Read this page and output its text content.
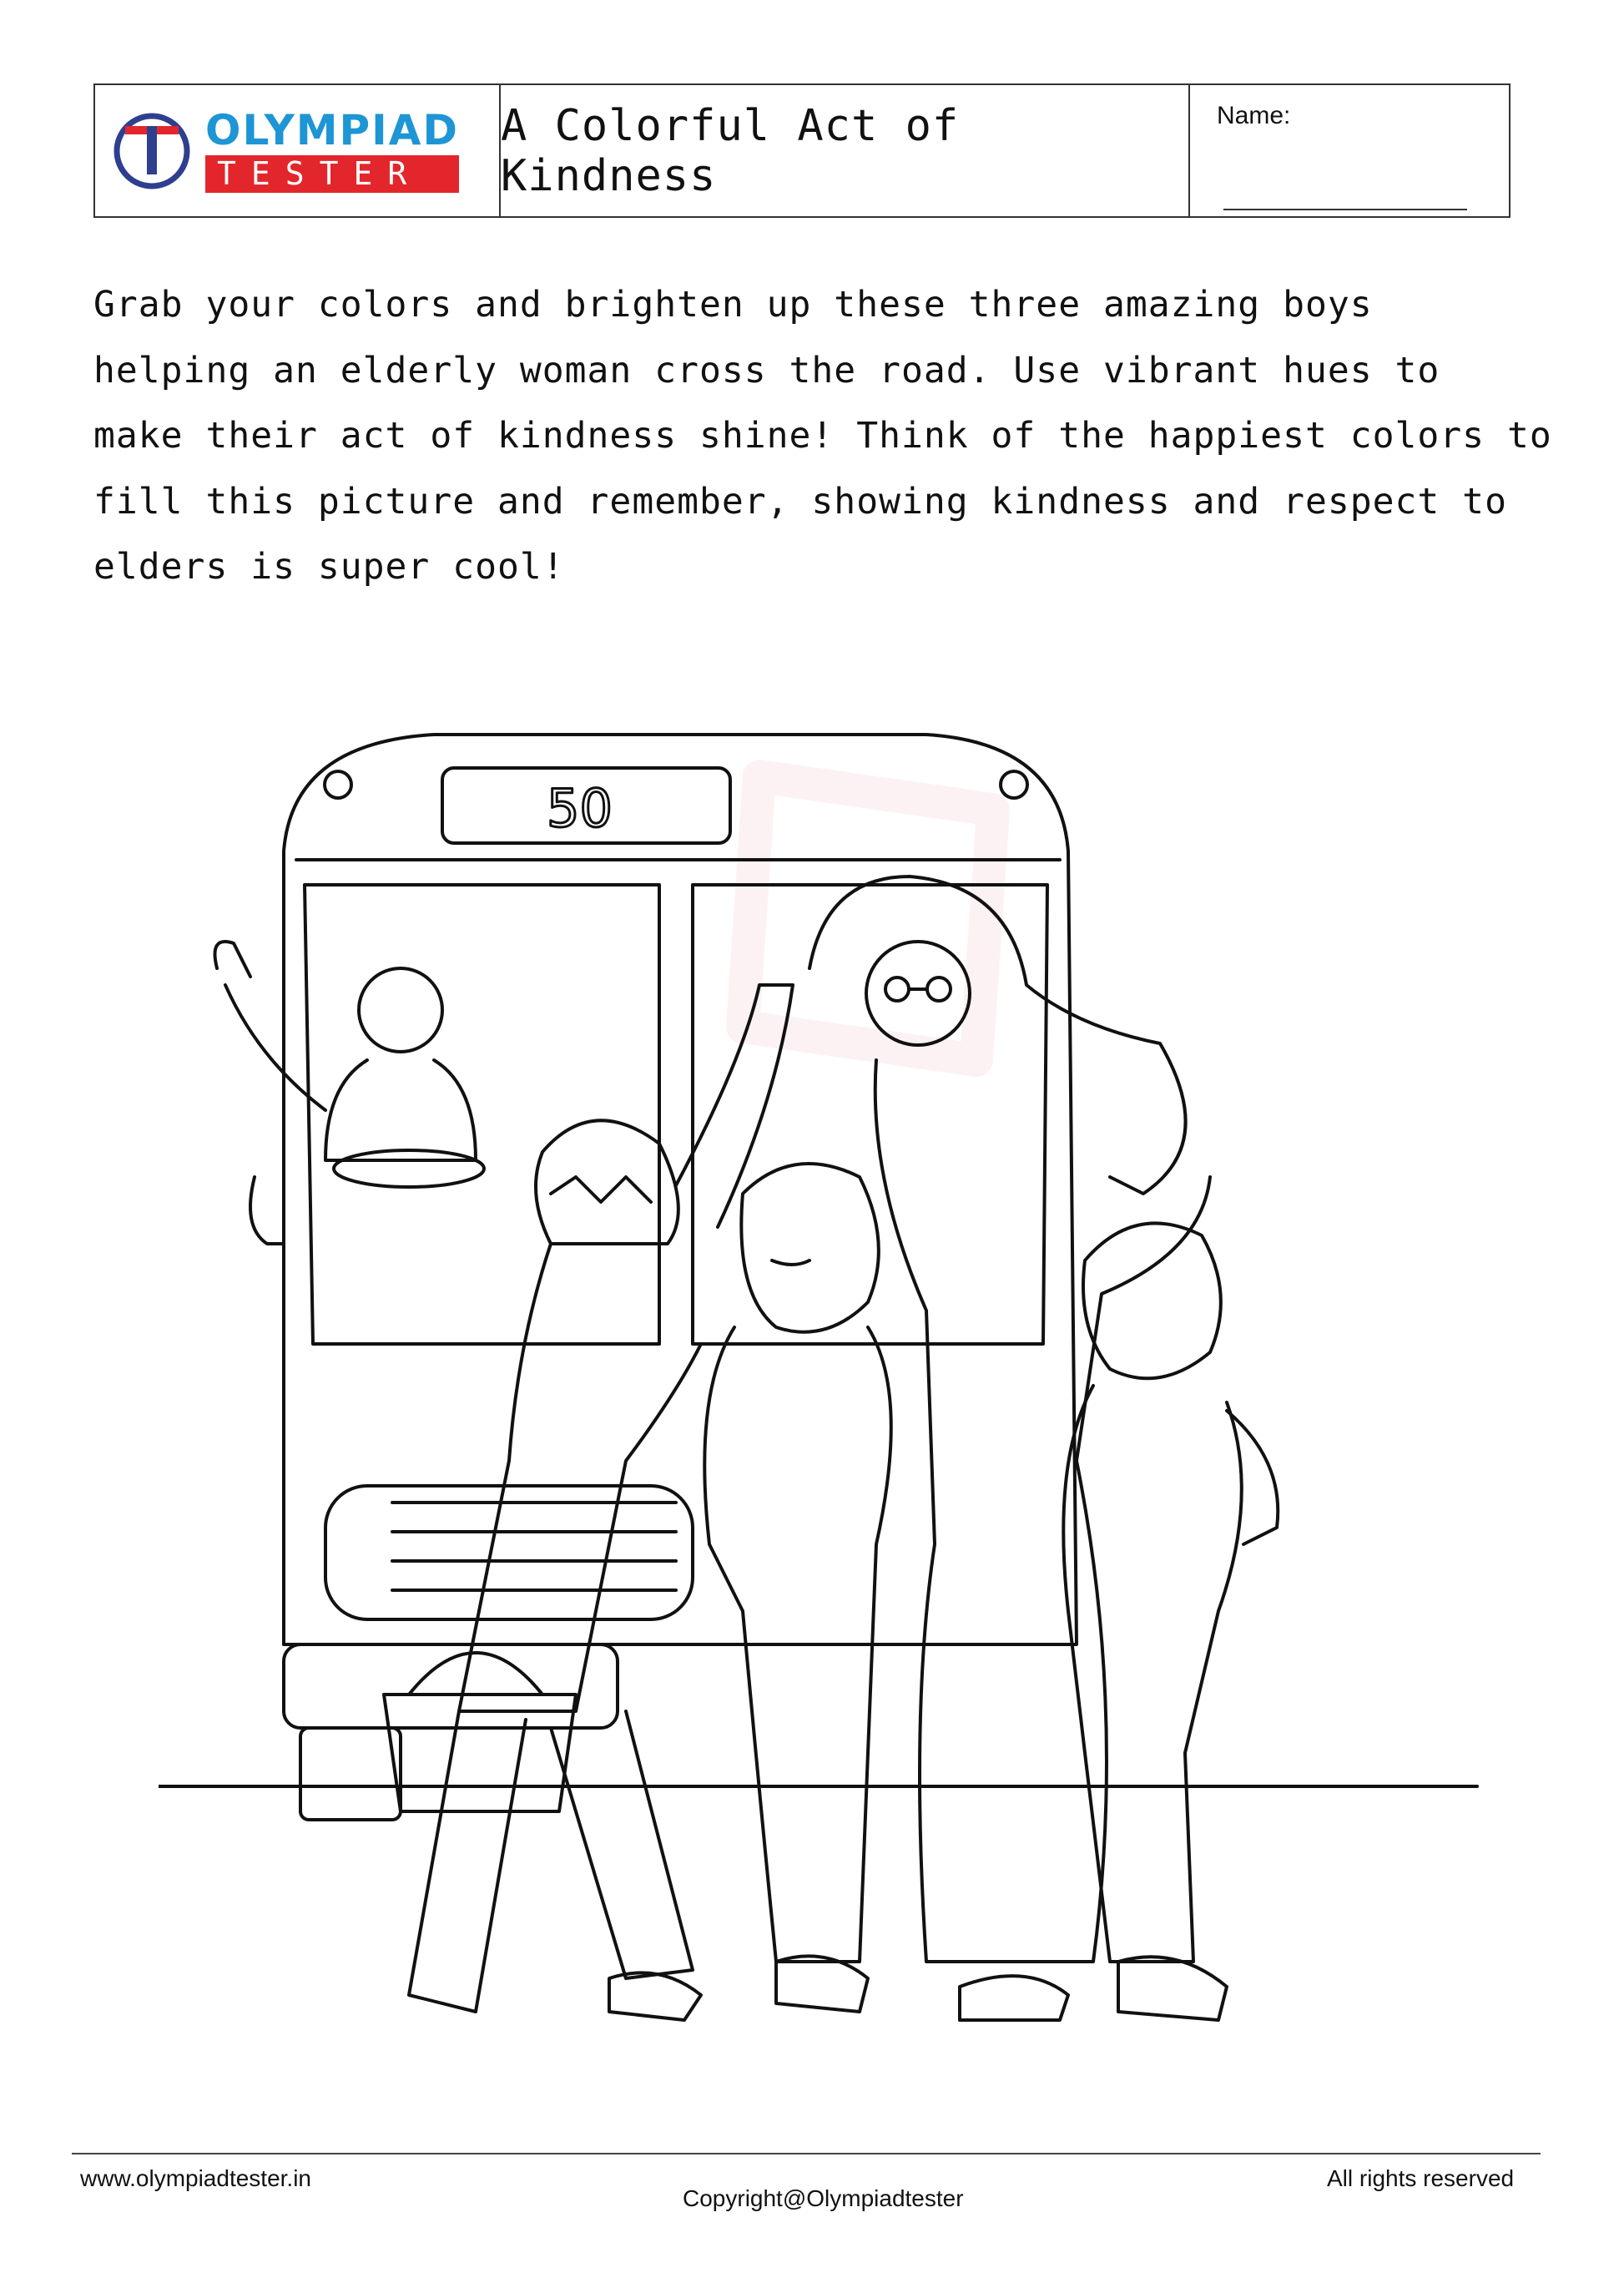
OLYMPIAD
TESTER
A Colorful Act of Kindness
Name:
Grab your colors and brighten up these three amazing boys
helping an elderly woman cross the road. Use vibrant hues to
make their act of kindness shine! Think of the happiest colors to
fill this picture and remember, showing kindness and respect to
elders is super cool!
50
www.olympiadtester.in
Copyright@Olympiadtester
All rights reserved
